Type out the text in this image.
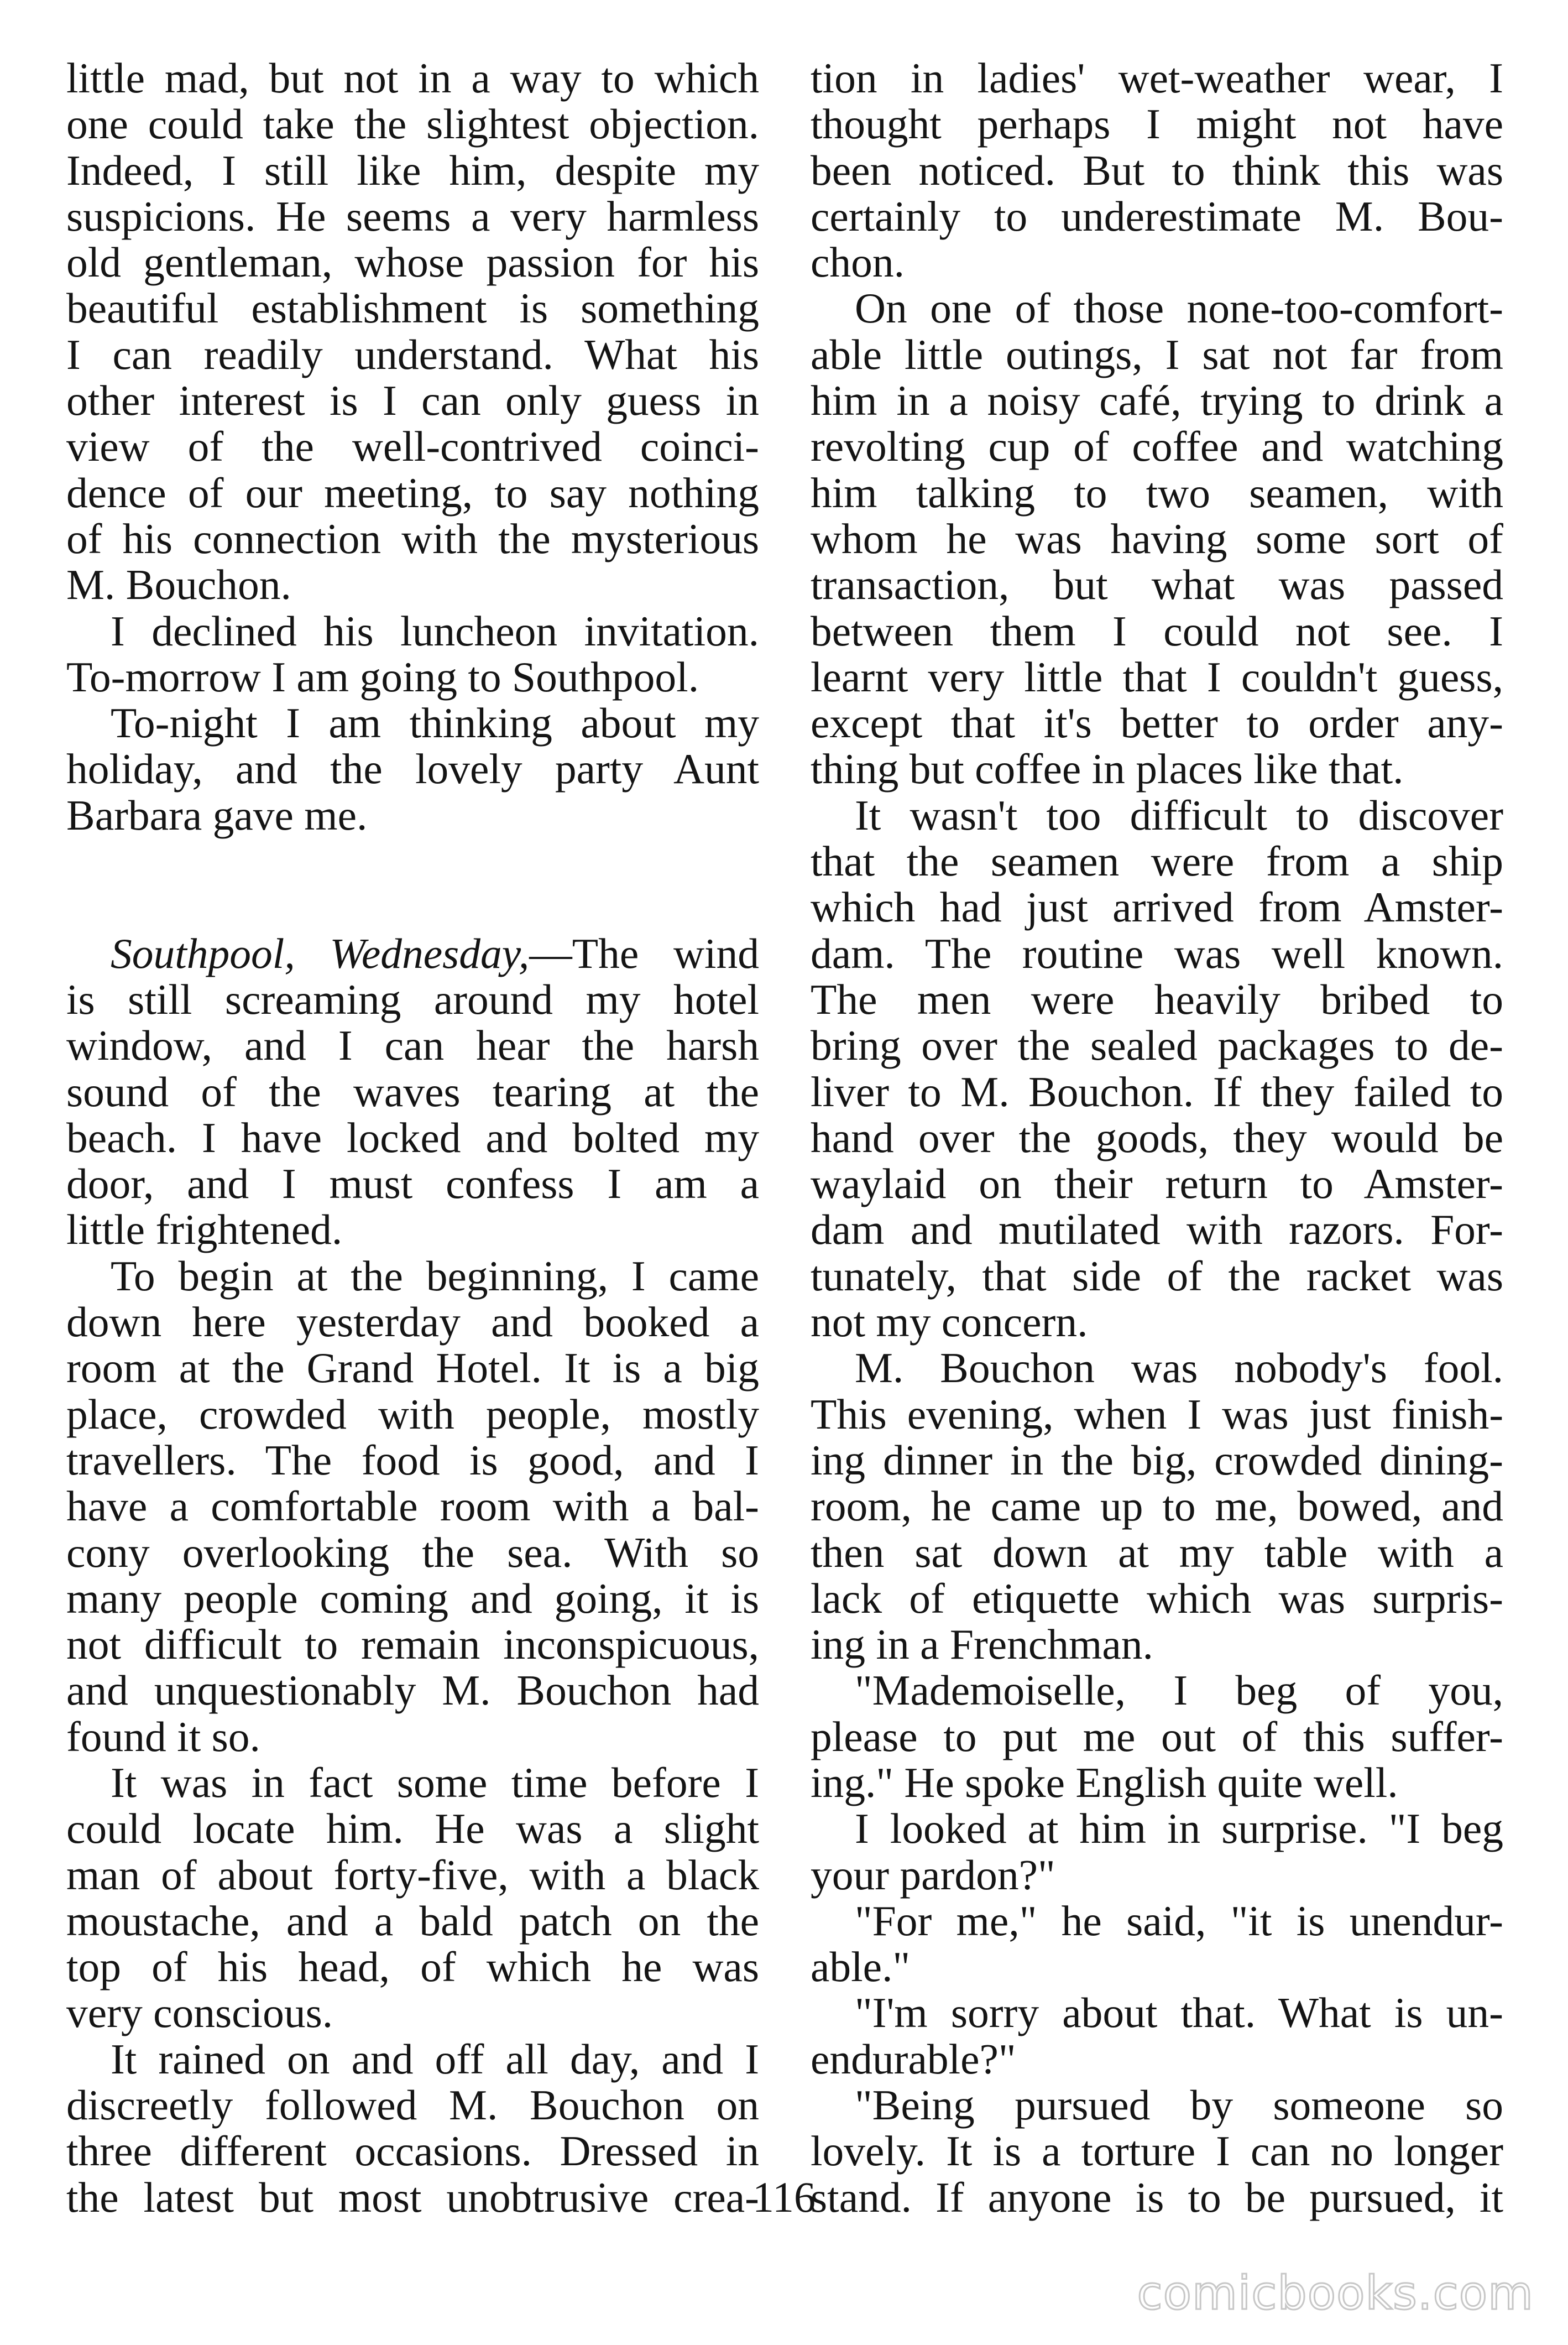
little mad, but not in a way to which
one could take the slightest objection.
Indeed, I still like him, despite my
suspicions. He seems a very harmless
old gentleman, whose passion for his
beautiful establishment is something
I can readily understand. What his
other interest is I can only guess in
view of the well-contrived coinci-
dence of our meeting, to say nothing
of his connection with the mysterious
M. Bouchon.
I declined his luncheon invitation.
To-morrow I am going to Southpool.
To-night I am thinking about my
holiday, and the lovely party Aunt
Barbara gave me.
Southpool, Wednesday,—The wind
is still screaming around my hotel
window, and I can hear the harsh
sound of the waves tearing at the
beach. I have locked and bolted my
door, and I must confess I am a
little frightened.
To begin at the beginning, I came
down here yesterday and booked a
room at the Grand Hotel. It is a big
place, crowded with people, mostly
travellers. The food is good, and I
have a comfortable room with a bal-
cony overlooking the sea. With so
many people coming and going, it is
not difficult to remain inconspicuous,
and unquestionably M. Bouchon had
found it so.
It was in fact some time before I
could locate him. He was a slight
man of about forty-five, with a black
moustache, and a bald patch on the
top of his head, of which he was
very conscious.
It rained on and off all day, and I
discreetly followed M. Bouchon on
three different occasions. Dressed in
the latest but most unobtrusive crea-
tion in ladies' wet-weather wear, I
thought perhaps I might not have
been noticed. But to think this was
certainly to underestimate M. Bou-
chon.
On one of those none-too-comfort-
able little outings, I sat not far from
him in a noisy café, trying to drink a
revolting cup of coffee and watching
him talking to two seamen, with
whom he was having some sort of
transaction, but what was passed
between them I could not see. I
learnt very little that I couldn't guess,
except that it's better to order any-
thing but coffee in places like that.
It wasn't too difficult to discover
that the seamen were from a ship
which had just arrived from Amster-
dam. The routine was well known.
The men were heavily bribed to
bring over the sealed packages to de-
liver to M. Bouchon. If they failed to
hand over the goods, they would be
waylaid on their return to Amster-
dam and mutilated with razors. For-
tunately, that side of the racket was
not my concern.
M. Bouchon was nobody's fool.
This evening, when I was just finish-
ing dinner in the big, crowded dining-
room, he came up to me, bowed, and
then sat down at my table with a
lack of etiquette which was surpris-
ing in a Frenchman.
"Mademoiselle, I beg of you,
please to put me out of this suffer-
ing." He spoke English quite well.
I looked at him in surprise. "I beg
your pardon?"
"For me," he said, "it is unendur-
able."
"I'm sorry about that. What is un-
endurable?"
"Being pursued by someone so
lovely. It is a torture I can no longer
stand. If anyone is to be pursued, it
116
comicbooks.com
